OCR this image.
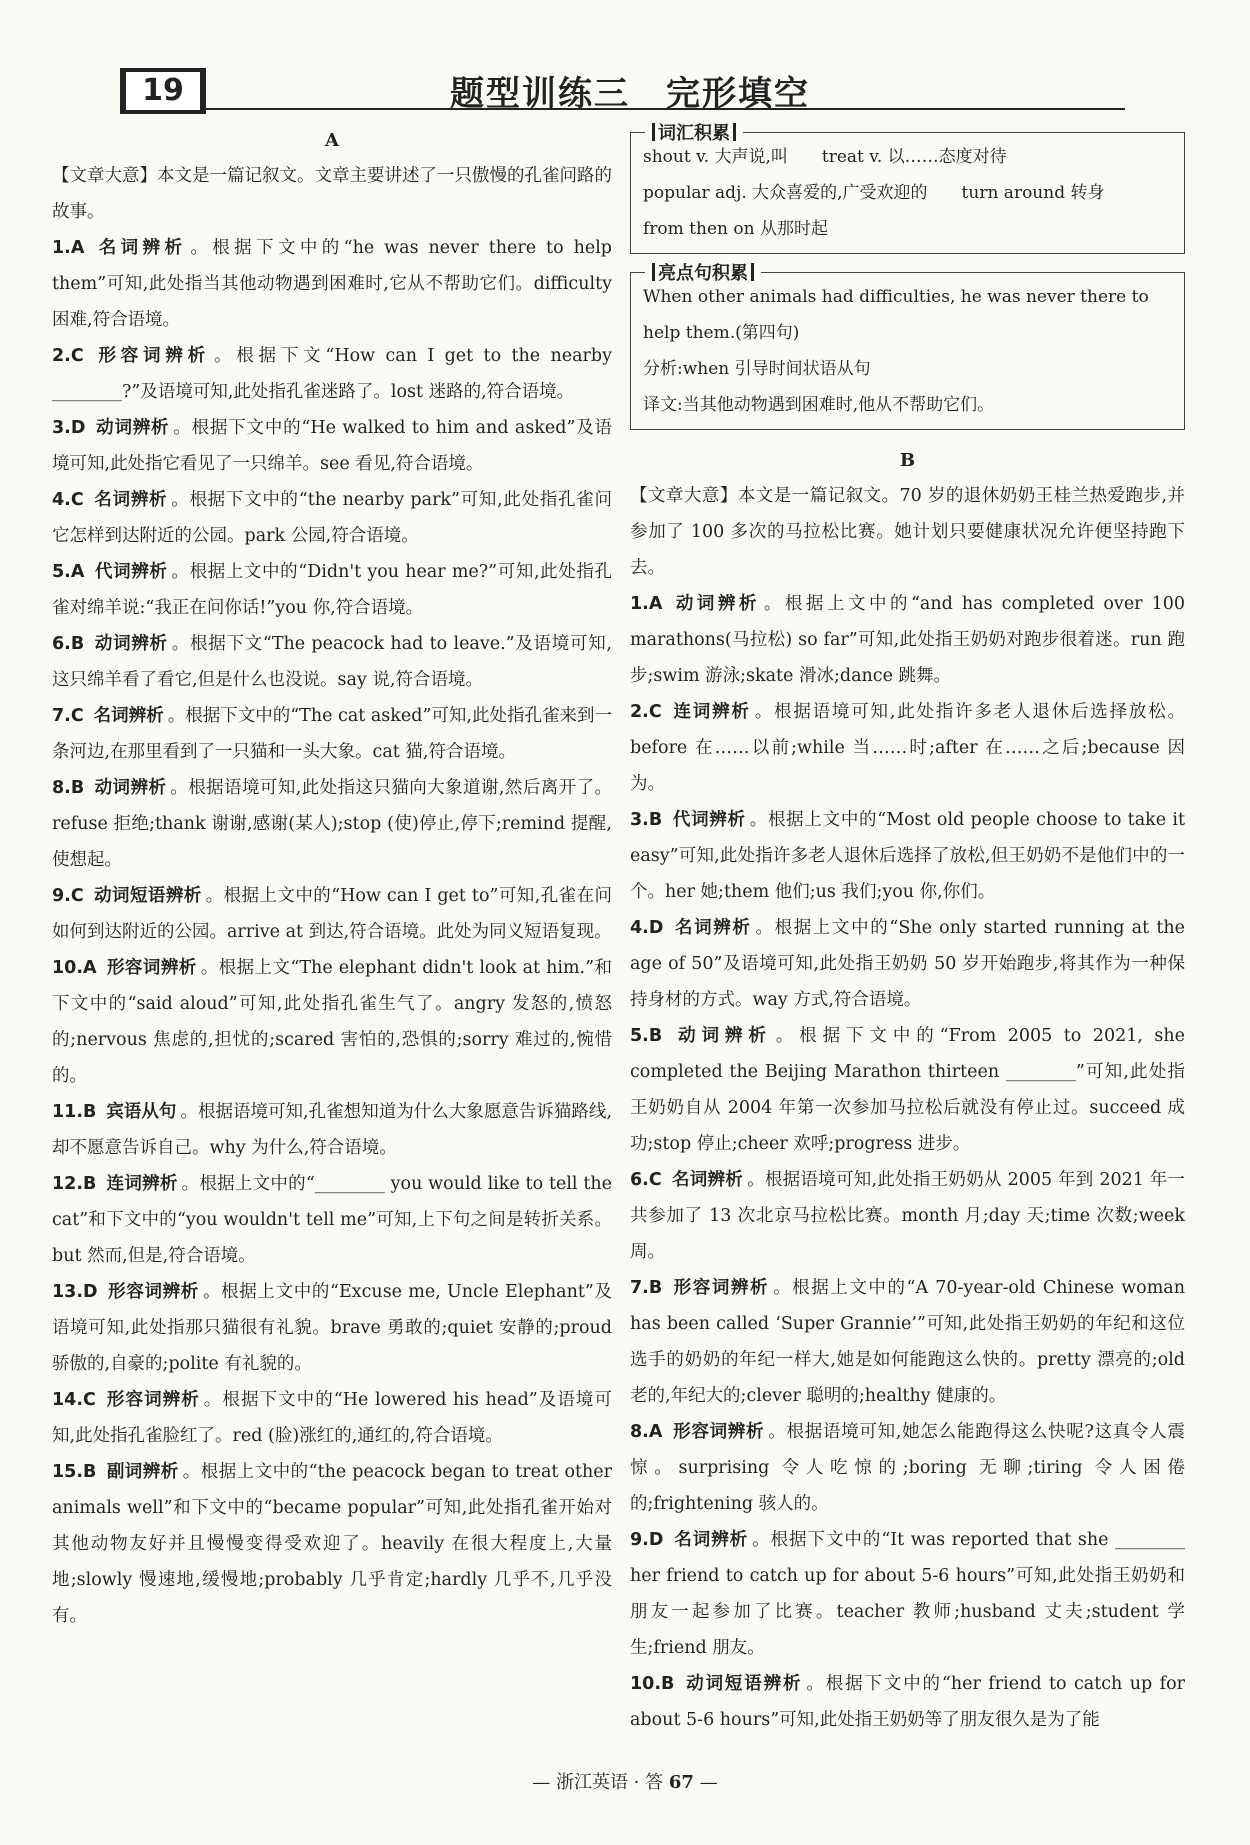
19	题型训练三　完形填空
A

【文章大意】本文是一篇记叙文。文章主要讲述了一只傲慢的孔雀问路的故事。

1.A 名词辨析 。根据下文中的“he was never there to help them”可知,此处指当其他动物遇到困难时,它从不帮助它们。difficulty 困难,符合语境。

2.C 形容词辨析 。根据下文“How can I get to the nearby ________?”及语境可知,此处指孔雀迷路了。lost 迷路的,符合语境。

3.D 动词辨析 。根据下文中的“He walked to him and asked”及语境可知,此处指它看见了一只绵羊。see 看见,符合语境。

4.C 名词辨析 。根据下文中的“the nearby park”可知,此处指孔雀问它怎样到达附近的公园。park 公园,符合语境。

5.A 代词辨析 。根据上文中的“Didn't you hear me?”可知,此处指孔雀对绵羊说:“我正在问你话!”you 你,符合语境。

6.B 动词辨析 。根据下文“The peacock had to leave.”及语境可知,这只绵羊看了看它,但是什么也没说。say 说,符合语境。

7.C 名词辨析 。根据下文中的“The cat asked”可知,此处指孔雀来到一条河边,在那里看到了一只猫和一头大象。cat 猫,符合语境。

8.B 动词辨析 。根据语境可知,此处指这只猫向大象道谢,然后离开了。refuse 拒绝;thank 谢谢,感谢(某人);stop (使)停止,停下;remind 提醒,使想起。

9.C 动词短语辨析 。根据上文中的“How can I get to”可知,孔雀在问如何到达附近的公园。arrive at 到达,符合语境。此处为同义短语复现。

10.A 形容词辨析 。根据上文“The elephant didn't look at him.”和下文中的“said aloud”可知,此处指孔雀生气了。angry 发怒的,愤怒的;nervous 焦虑的,担忧的;scared 害怕的,恐惧的;sorry 难过的,惋惜的。

11.B 宾语从句 。根据语境可知,孔雀想知道为什么大象愿意告诉猫路线,却不愿意告诉自己。why 为什么,符合语境。

12.B 连词辨析 。根据上文中的“________ you would like to tell the cat”和下文中的“you wouldn't tell me”可知,上下句之间是转折关系。but 然而,但是,符合语境。

13.D 形容词辨析 。根据上文中的“Excuse me, Uncle Elephant”及语境可知,此处指那只猫很有礼貌。brave 勇敢的;quiet 安静的;proud 骄傲的,自豪的;polite 有礼貌的。

14.C 形容词辨析 。根据下文中的“He lowered his head”及语境可知,此处指孔雀脸红了。red (脸)涨红的,通红的,符合语境。

15.B 副词辨析 。根据上文中的“the peacock began to treat other animals well”和下文中的“became popular”可知,此处指孔雀开始对其他动物友好并且慢慢变得受欢迎了。heavily 在很大程度上,大量地;slowly 慢速地,缓慢地;probably 几乎肯定;hardly 几乎不,几乎没有。

词汇积累
shout v. 大声说,叫　　treat v. 以……态度对待
popular adj. 大众喜爱的,广受欢迎的　　turn around 转身
from then on 从那时起
亮点句积累
When other animals had difficulties, he was never there to help them.(第四句)
分析:when 引导时间状语从句
译文:当其他动物遇到困难时,他从不帮助它们。
B

【文章大意】本文是一篇记叙文。70 岁的退休奶奶王桂兰热爱跑步,并参加了 100 多次的马拉松比赛。她计划只要健康状况允许便坚持跑下去。

1.A 动词辨析 。根据上文中的“and has completed over 100 marathons(马拉松) so far”可知,此处指王奶奶对跑步很着迷。run 跑步;swim 游泳;skate 滑冰;dance 跳舞。

2.C 连词辨析 。根据语境可知,此处指许多老人退休后选择放松。before 在……以前;while 当……时;after 在……之后;because 因为。

3.B 代词辨析 。根据上文中的“Most old people choose to take it easy”可知,此处指许多老人退休后选择了放松,但王奶奶不是他们中的一个。her 她;them 他们;us 我们;you 你,你们。

4.D 名词辨析 。根据上文中的“She only started running at the age of 50”及语境可知,此处指王奶奶 50 岁开始跑步,将其作为一种保持身材的方式。way 方式,符合语境。

5.B 动词辨析 。根据下文中的“From 2005 to 2021, she completed the Beijing Marathon thirteen ________”可知,此处指王奶奶自从 2004 年第一次参加马拉松后就没有停止过。succeed 成功;stop 停止;cheer 欢呼;progress 进步。

6.C 名词辨析 。根据语境可知,此处指王奶奶从 2005 年到 2021 年一共参加了 13 次北京马拉松比赛。month 月;day 天;time 次数;week 周。

7.B 形容词辨析 。根据上文中的“A 70-year-old Chinese woman has been called ‘Super Grannie’”可知,此处指王奶奶的年纪和这位选手的奶奶的年纪一样大,她是如何能跑这么快的。pretty 漂亮的;old 老的,年纪大的;clever 聪明的;healthy 健康的。

8.A 形容词辨析 。根据语境可知,她怎么能跑得这么快呢?这真令人震惊。surprising 令人吃惊的;boring 无聊;tiring 令人困倦的;frightening 骇人的。

9.D 名词辨析 。根据下文中的“It was reported that she ________ her friend to catch up for about 5-6 hours”可知,此处指王奶奶和朋友一起参加了比赛。teacher 教师;husband 丈夫;student 学生;friend 朋友。

10.B 动词短语辨析 。根据下文中的“her friend to catch up for about 5-6 hours”可知,此处指王奶奶等了朋友很久是为了能

— 浙江英语 · 答 67 —
